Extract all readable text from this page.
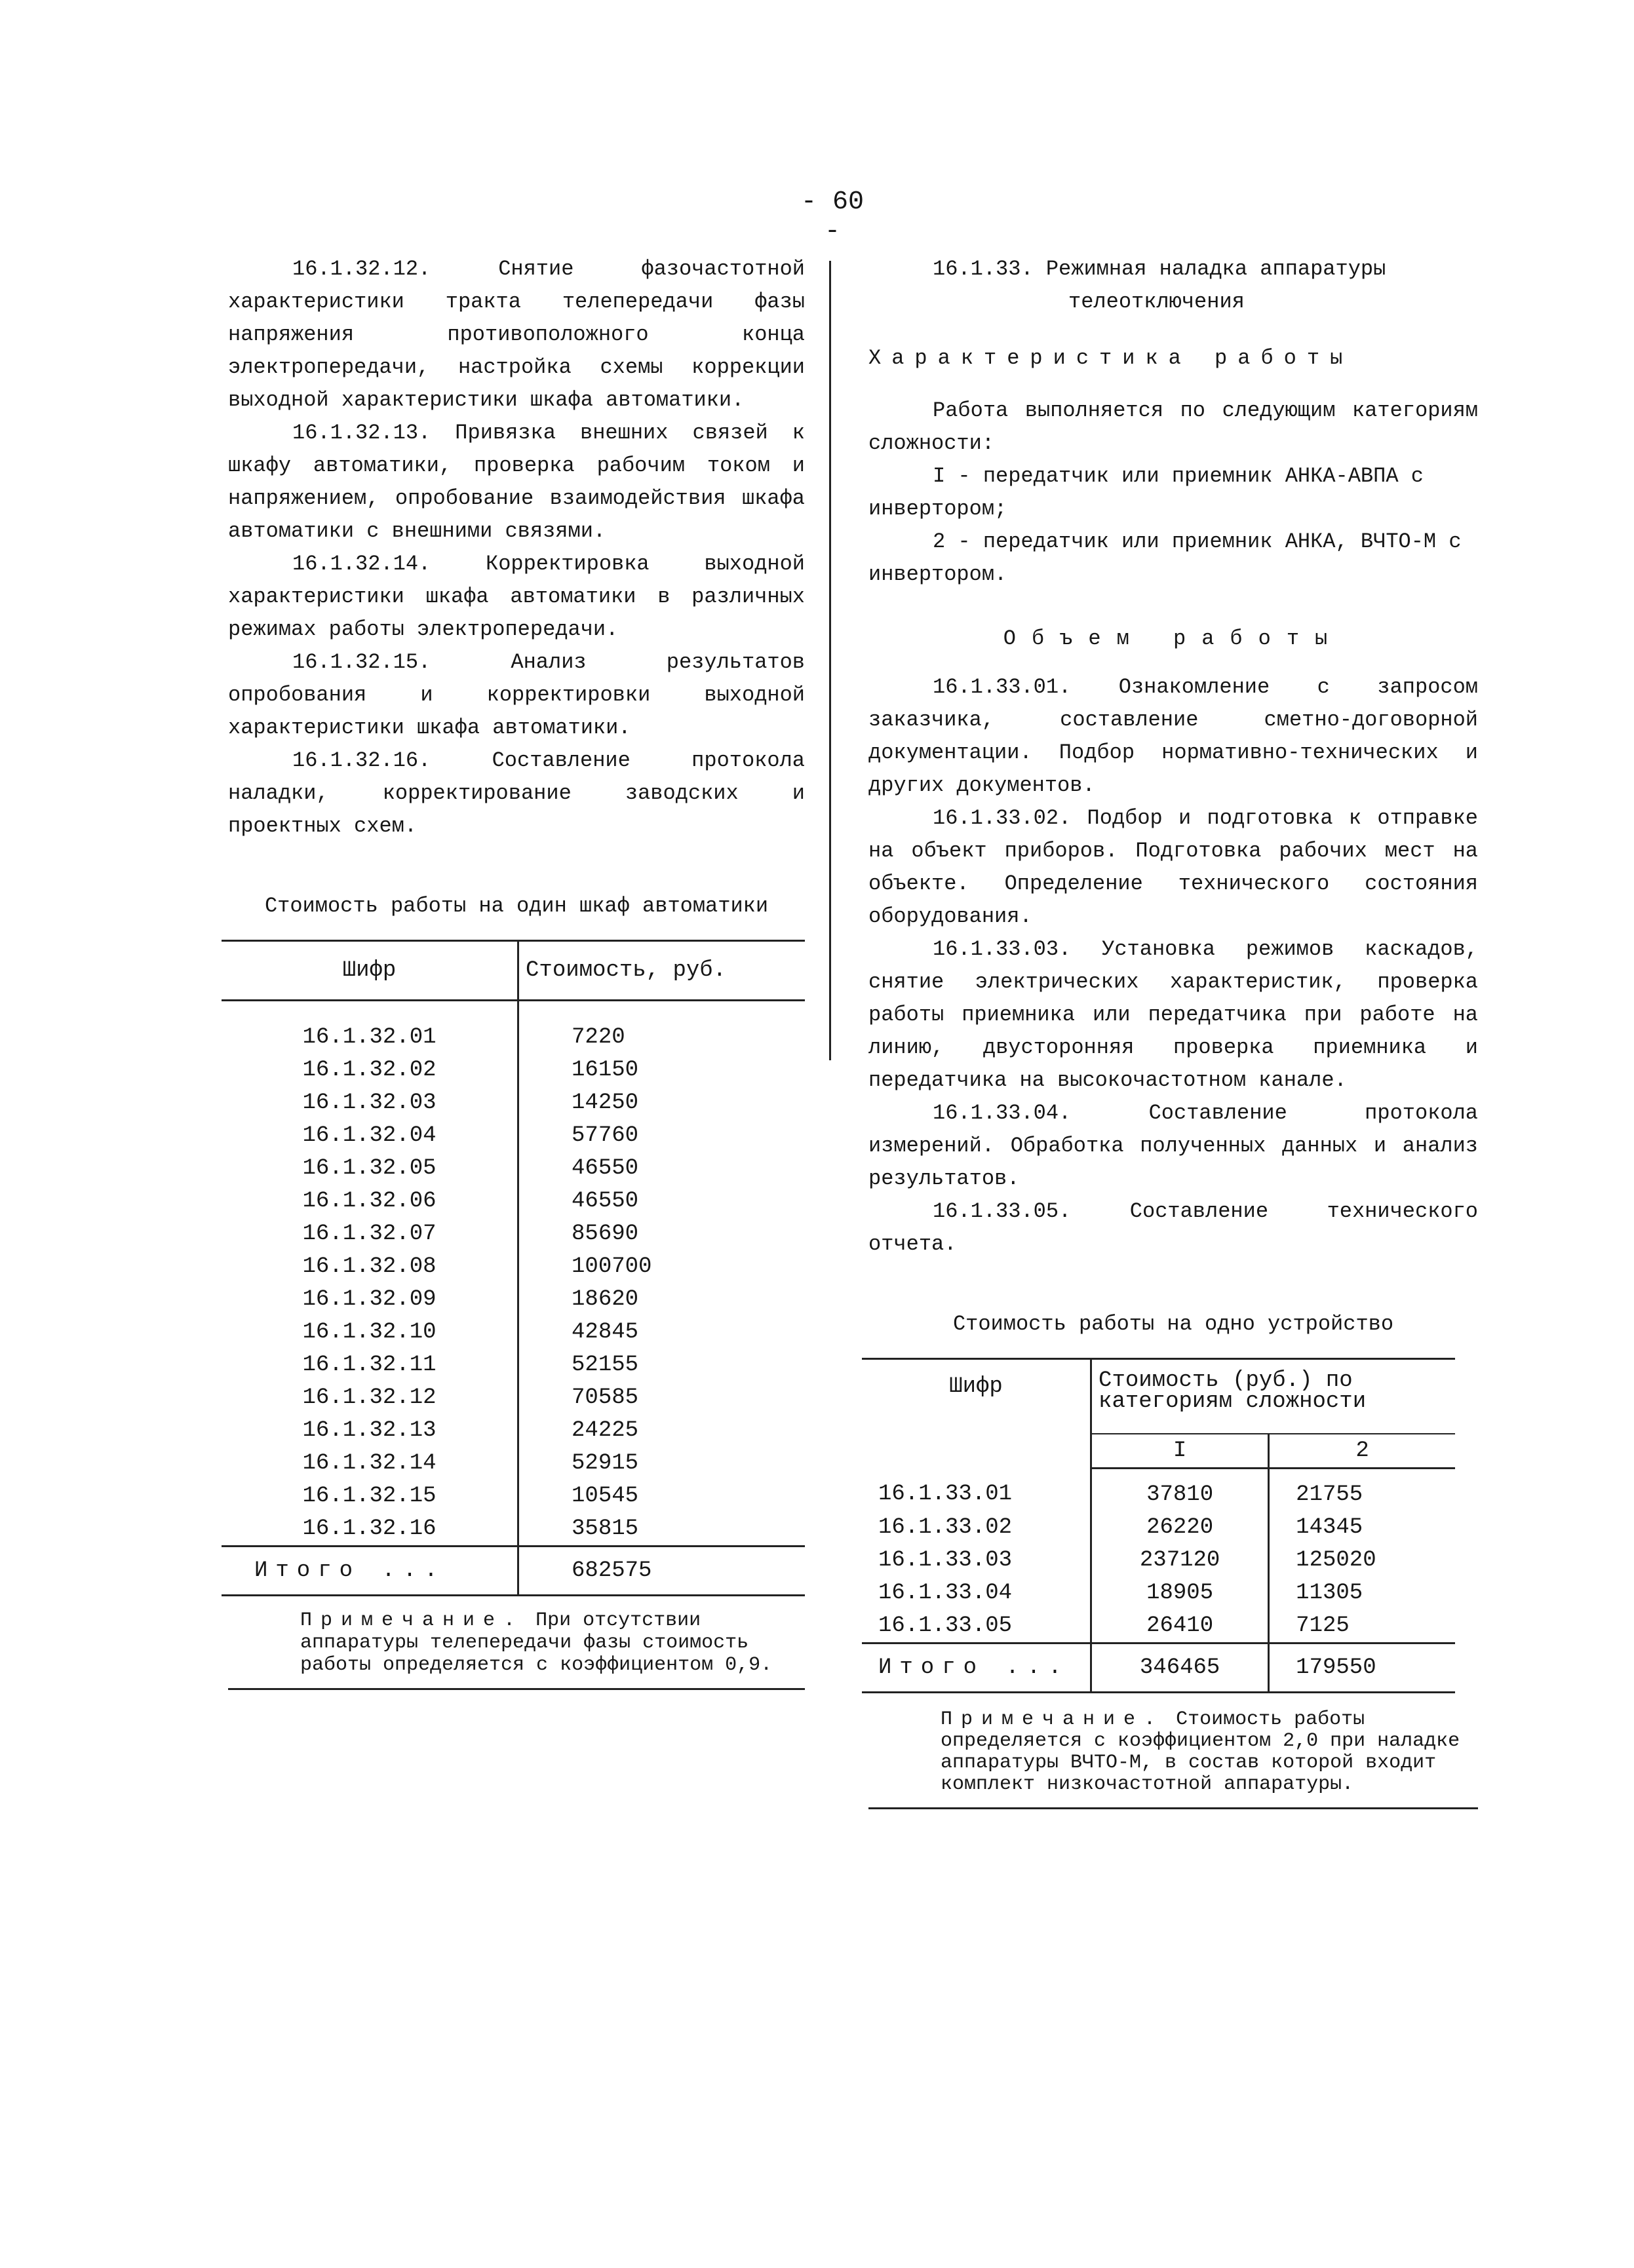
- 60 -

16.1.32.12. Снятие фазочастотной характеристики тракта телепередачи фазы напряжения противоположного конца электропередачи, настройка схемы коррекции выходной характеристики шкафа автоматики.

16.1.32.13. Привязка внешних связей к шкафу автоматики, проверка рабочим током и напряжением, опробование взаимодействия шкафа автоматики с внешними связями.

16.1.32.14. Корректировка выходной характеристики шкафа автоматики в различных режимах работы электропередачи.

16.1.32.15. Анализ результатов опробования и корректировки выходной характеристики шкафа автоматики.

16.1.32.16. Составление протокола наладки, корректирование заводских и проектных схем.

Стоимость работы на один шкаф автоматики

Шифр	Стоимость, руб.
16.1.32.01	7220
16.1.32.02	16150
16.1.32.03	14250
16.1.32.04	57760
16.1.32.05	46550
16.1.32.06	46550
16.1.32.07	85690
16.1.32.08	100700
16.1.32.09	18620
16.1.32.10	42845
16.1.32.11	52155
16.1.32.12	70585
16.1.32.13	24225
16.1.32.14	52915
16.1.32.15	10545
16.1.32.16	35815
Итого ...	682575
Примечание. При отсутствии аппаратуры телепередачи фазы стоимость работы определяется с коэффициентом 0,9.

16.1.33. Режимная наладка аппаратуры

телеотключения

Характеристика работы

Работа выполняется по следующим категориям сложности:

I - передатчик или приемник АНКА-АВПА с инвертором;

2 - передатчик или приемник АНКА, ВЧТО-М с инвертором.

Объем работы

16.1.33.01. Ознакомление с запросом заказчика, составление сметно-договорной документации. Подбор нормативно-технических и других документов.

16.1.33.02. Подбор и подготовка к отправке на объект приборов. Подготовка рабочих мест на объекте. Определение технического состояния оборудования.

16.1.33.03. Установка режимов каскадов, снятие электрических характеристик, проверка работы приемника или передатчика при работе на линию, двусторонняя проверка приемника и передатчика на высокочастотном канале.

16.1.33.04. Составление протокола измерений. Обработка полученных данных и анализ результатов.

16.1.33.05. Составление технического отчета.

Стоимость работы на одно устройство

Шифр	Стоимость (руб.) по категориям сложности	
	I	2
16.1.33.01	37810	21755
16.1.33.02	26220	14345
16.1.33.03	237120	125020
16.1.33.04	18905	11305
16.1.33.05	26410	7125
Итого ...	346465	179550
Примечание. Стоимость работы определяется с коэффициентом 2,0 при наладке аппаратуры ВЧТО-М, в состав которой входит комплект низкочастотной аппаратуры.
